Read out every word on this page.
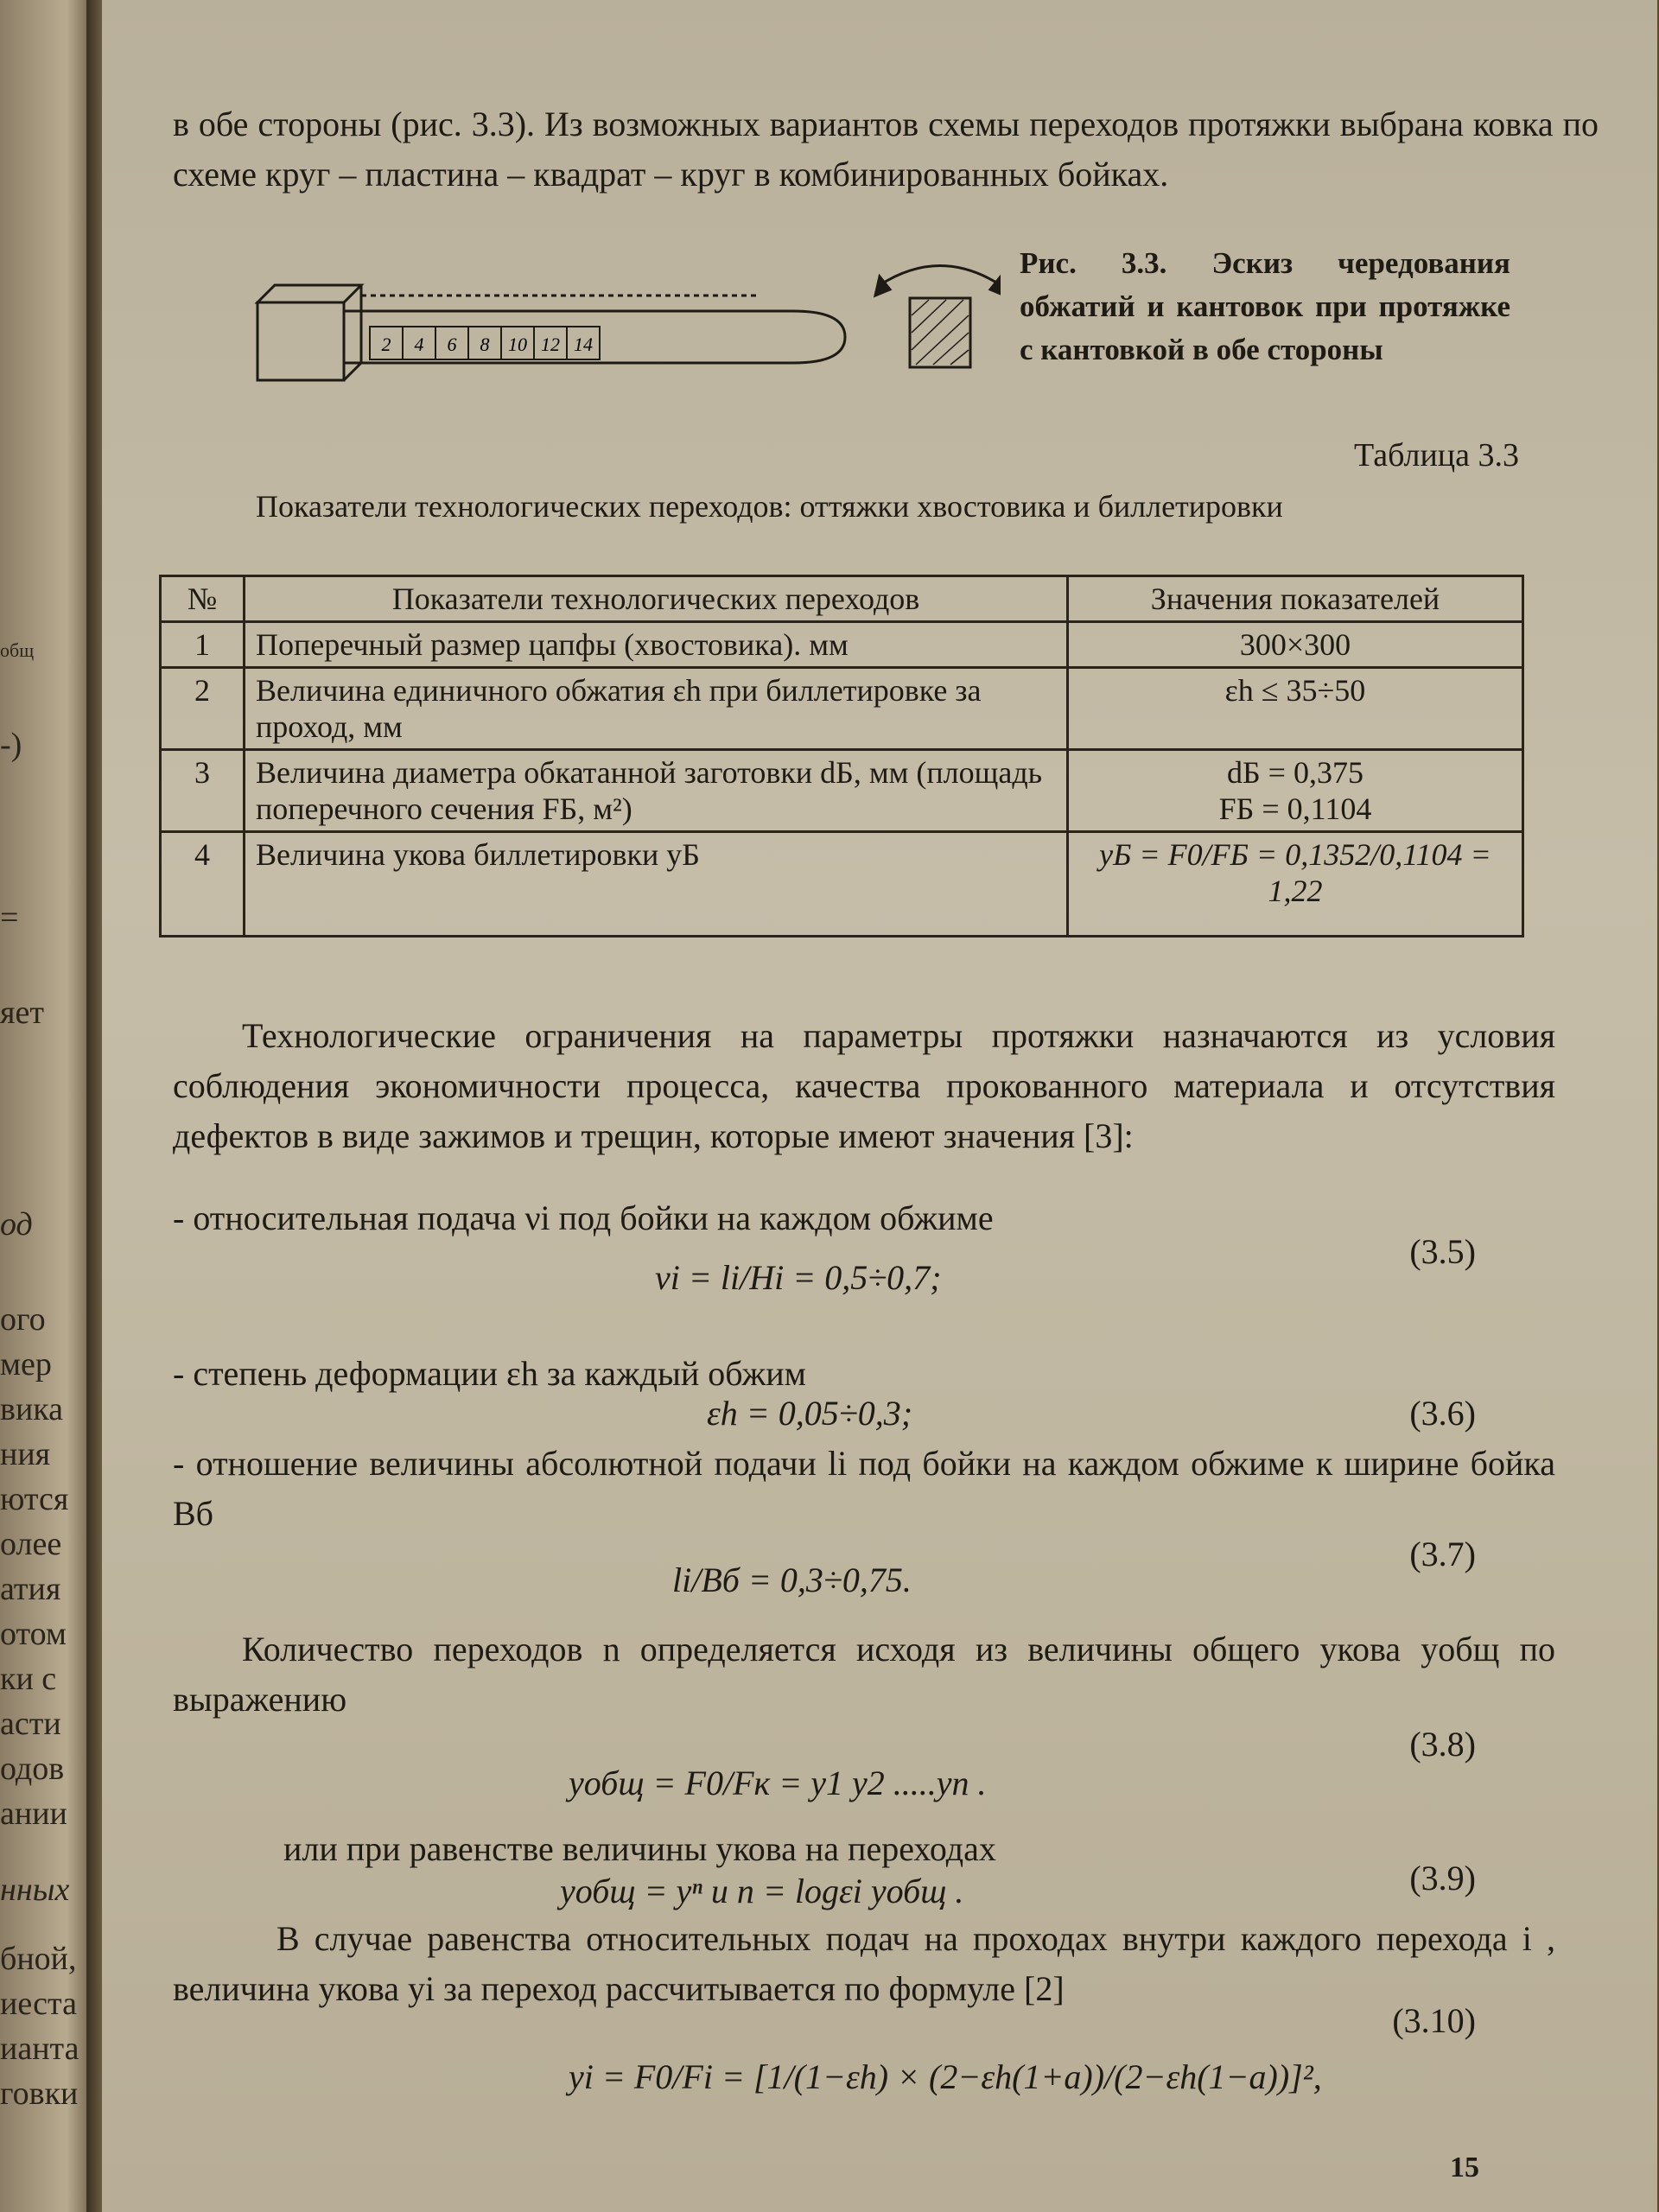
общ
-)
=
яет
од
ого
мер
вика
ния
ются
олее
атия
отом
ки с
асти
одов
ании
нных
бной,
иеста
ианта
говки
в обе стороны (рис. 3.3). Из возможных вариантов схемы переходов протяжки выбрана ковка по схеме круг – пластина – квадрат – круг в комбинированных бойках.
2 4 6 8 10 12 14
Рис. 3.3. Эскиз чередования обжатий и кантовок при протяжке с кантовкой в обе стороны
Таблица 3.3
Показатели технологических переходов: оттяжки хвостовика и биллетировки
№	Показатели технологических переходов	Значения показателей
1	Поперечный размер цапфы (хвостовика). мм	300×300
2	Величина единичного обжатия εh при биллетировке за проход, мм	εh ≤ 35÷50
3	Величина диаметра обкатанной заготовки dБ, мм (площадь поперечного сечения FБ, м²)	dБ = 0,375
FБ = 0,1104

4	Величина укова биллетировки yБ	yБ = F0/FБ = 0,1352/0,1104 = 1,22
Технологические ограничения на параметры протяжки назначаются из условия соблюдения экономичности процесса, качества прокованного материала и отсутствия дефектов в виде зажимов и трещин, которые имеют значения [3]:
- относительная подача νi под бойки на каждом обжиме
νi = li/Hi = 0,5÷0,7;
(3.5)
- степень деформации εh за каждый обжим
εh = 0,05÷0,3;	(3.6)
- отношение величины абсолютной подачи li под бойки на каждом обжиме к ширине бойка Bб
li/Bб = 0,3÷0,75.
(3.7)
Количество переходов n определяется исходя из величины общего укова yобщ по выражению
yобщ = F0/Fк = y1 y2 .....yn .
(3.8)
или при равенстве величины укова на переходах
yобщ = yⁿ и n = logεi yобщ .	(3.9)
В случае равенства относительных подач на проходах внутри каждого перехода i , величина укова yi за переход рассчитывается по формуле [2]
yi = F0/Fi = [1/(1−εh) × (2−εh(1+a))/(2−εh(1−a))]²,
(3.10)
15
